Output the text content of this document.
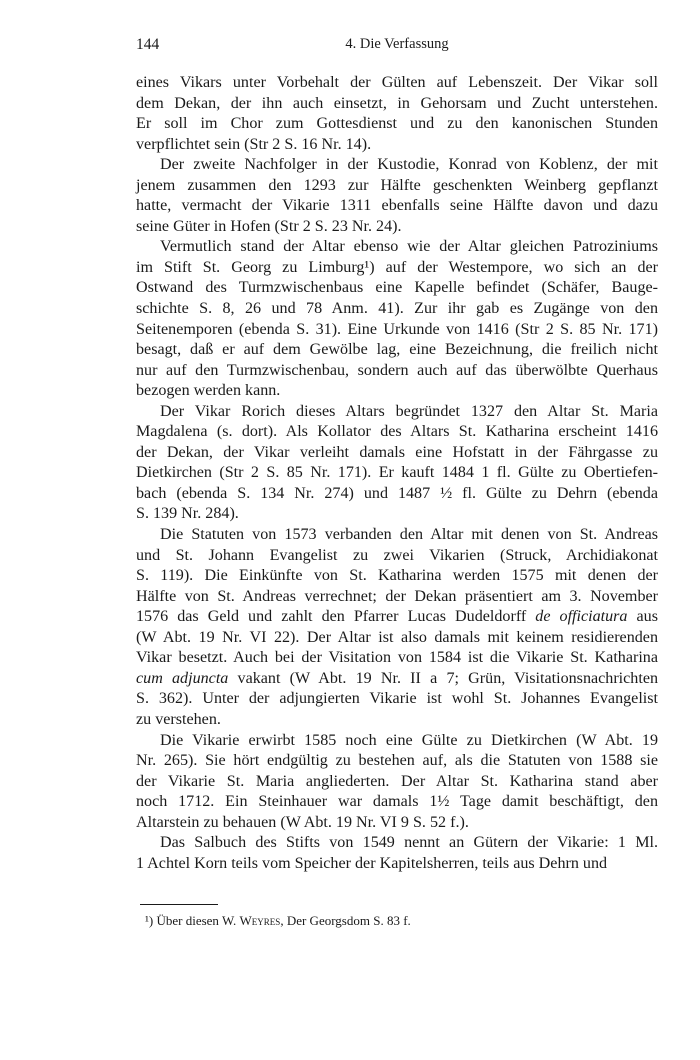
144	4. Die Verfassung
eines Vikars unter Vorbehalt der Gülten auf Lebenszeit. Der Vikar soll
dem Dekan, der ihn auch einsetzt, in Gehorsam und Zucht unterstehen.
Er soll im Chor zum Gottesdienst und zu den kanonischen Stunden
verpflichtet sein (Str 2 S. 16 Nr. 14).
Der zweite Nachfolger in der Kustodie, Konrad von Koblenz, der mit
jenem zusammen den 1293 zur Hälfte geschenkten Weinberg gepflanzt
hatte, vermacht der Vikarie 1311 ebenfalls seine Hälfte davon und dazu
seine Güter in Hofen (Str 2 S. 23 Nr. 24).
Vermutlich stand der Altar ebenso wie der Altar gleichen Patroziniums
im Stift St. Georg zu Limburg¹) auf der Westempore, wo sich an der
Ostwand des Turmzwischenbaus eine Kapelle befindet (Schäfer, Bauge-
schichte S. 8, 26 und 78 Anm. 41). Zur ihr gab es Zugänge von den
Seitenemporen (ebenda S. 31). Eine Urkunde von 1416 (Str 2 S. 85 Nr. 171)
besagt, daß er auf dem Gewölbe lag, eine Bezeichnung, die freilich nicht
nur auf den Turmzwischenbau, sondern auch auf das überwölbte Querhaus
bezogen werden kann.
Der Vikar Rorich dieses Altars begründet 1327 den Altar St. Maria
Magdalena (s. dort). Als Kollator des Altars St. Katharina erscheint 1416
der Dekan, der Vikar verleiht damals eine Hofstatt in der Fährgasse zu
Dietkirchen (Str 2 S. 85 Nr. 171). Er kauft 1484 1 fl. Gülte zu Obertiefen-
bach (ebenda S. 134 Nr. 274) und 1487 ½ fl. Gülte zu Dehrn (ebenda
S. 139 Nr. 284).
Die Statuten von 1573 verbanden den Altar mit denen von St. Andreas
und St. Johann Evangelist zu zwei Vikarien (Struck, Archidiakonat
S. 119). Die Einkünfte von St. Katharina werden 1575 mit denen der
Hälfte von St. Andreas verrechnet; der Dekan präsentiert am 3. November
1576 das Geld und zahlt den Pfarrer Lucas Dudeldorff de officiatura aus
(W Abt. 19 Nr. VI 22). Der Altar ist also damals mit keinem residierenden
Vikar besetzt. Auch bei der Visitation von 1584 ist die Vikarie St. Katharina
cum adjuncta vakant (W Abt. 19 Nr. II a 7; Grün, Visitationsnachrichten
S. 362). Unter der adjungierten Vikarie ist wohl St. Johannes Evangelist
zu verstehen.
Die Vikarie erwirbt 1585 noch eine Gülte zu Dietkirchen (W Abt. 19
Nr. 265). Sie hört endgültig zu bestehen auf, als die Statuten von 1588 sie
der Vikarie St. Maria angliederten. Der Altar St. Katharina stand aber
noch 1712. Ein Steinhauer war damals 1½ Tage damit beschäftigt, den
Altarstein zu behauen (W Abt. 19 Nr. VI 9 S. 52 f.).
Das Salbuch des Stifts von 1549 nennt an Gütern der Vikarie: 1 Ml.
1 Achtel Korn teils vom Speicher der Kapitelsherren, teils aus Dehrn und
¹) Über diesen W. Weyres, Der Georgsdom S. 83 f.
